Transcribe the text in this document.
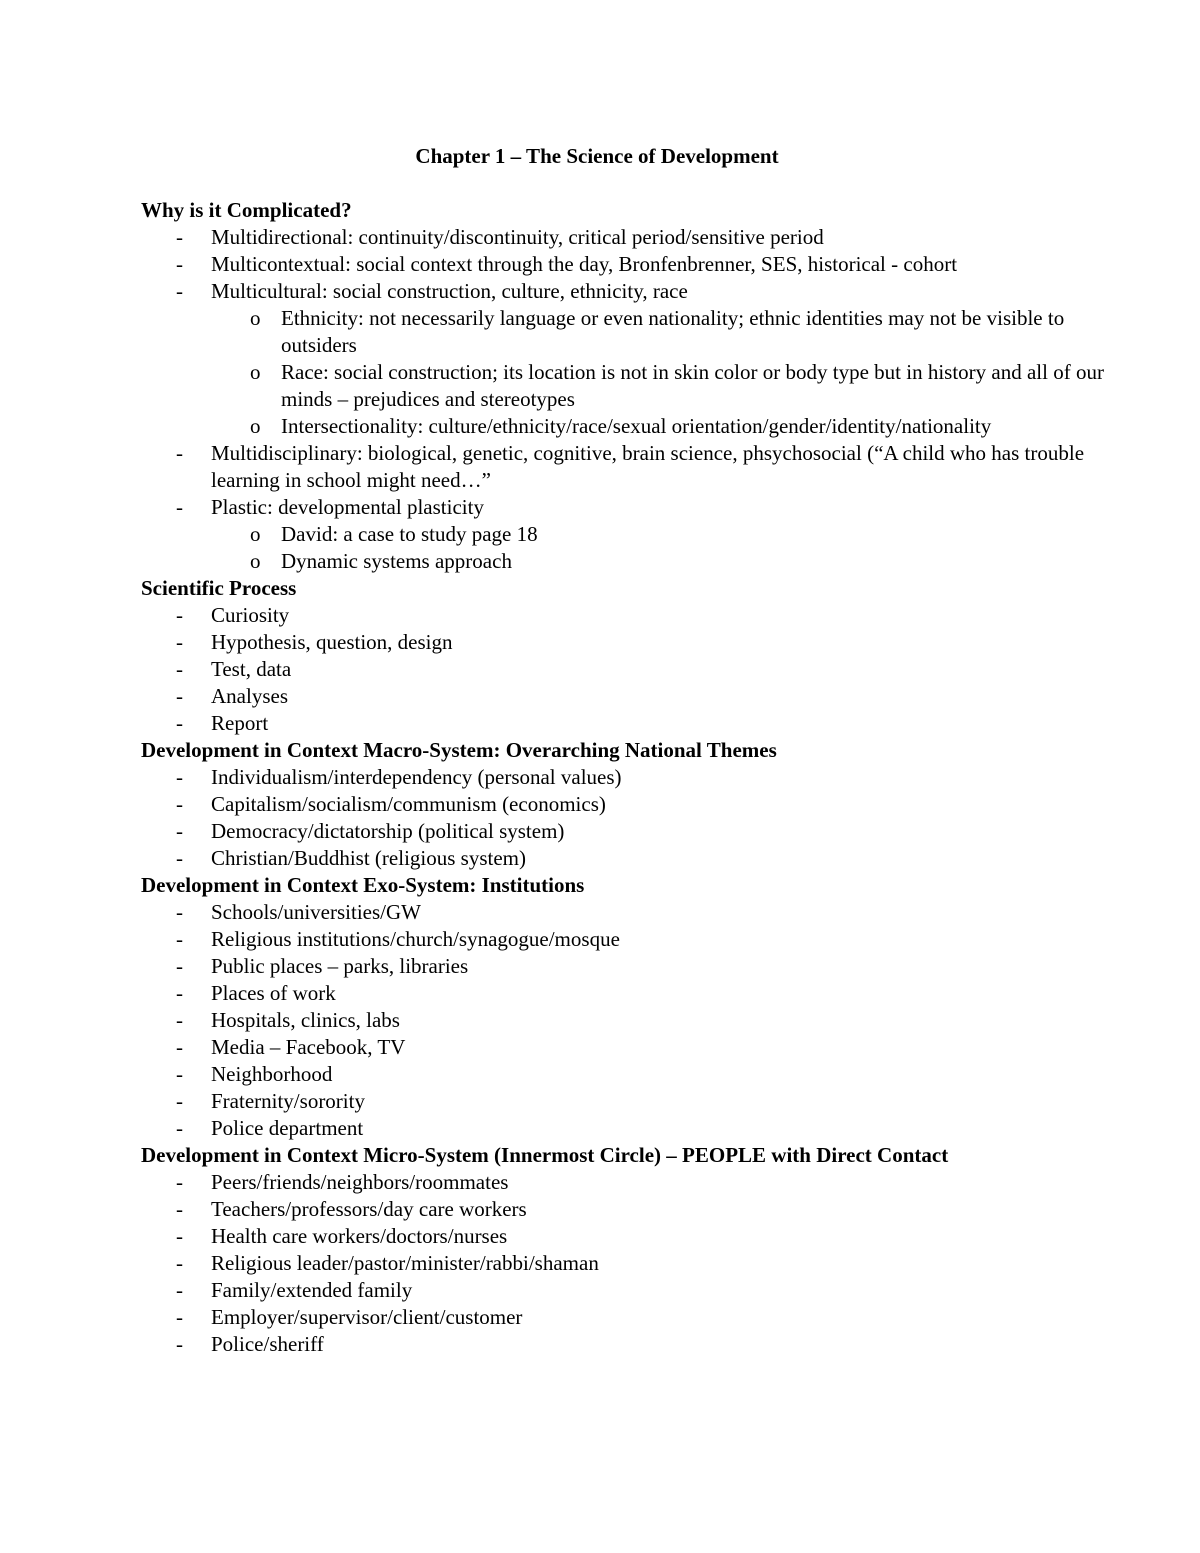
Chapter 1 – The Science of Development
Why is it Complicated?
- Multidirectional: continuity/discontinuity, critical period/sensitive period
- Multicontextual: social context through the day, Bronfenbrenner, SES, historical - cohort
- Multicultural: social construction, culture, ethnicity, race
o Ethnicity: not necessarily language or even nationality; ethnic identities may not be visible to outsiders
o Race: social construction; its location is not in skin color or body type but in history and all of our minds – prejudices and stereotypes
o Intersectionality: culture/ethnicity/race/sexual orientation/gender/identity/nationality
- Multidisciplinary: biological, genetic, cognitive, brain science, phsychosocial (“A child who has trouble learning in school might need…”
- Plastic: developmental plasticity
o David: a case to study page 18
o Dynamic systems approach
Scientific Process
- Curiosity
- Hypothesis, question, design
- Test, data
- Analyses
- Report
Development in Context Macro-System: Overarching National Themes
- Individualism/interdependency (personal values)
- Capitalism/socialism/communism (economics)
- Democracy/dictatorship (political system)
- Christian/Buddhist (religious system)
Development in Context Exo-System: Institutions
- Schools/universities/GW
- Religious institutions/church/synagogue/mosque
- Public places – parks, libraries
- Places of work
- Hospitals, clinics, labs
- Media – Facebook, TV
- Neighborhood
- Fraternity/sorority
- Police department
Development in Context Micro-System (Innermost Circle) – PEOPLE with Direct Contact
- Peers/friends/neighbors/roommates
- Teachers/professors/day care workers
- Health care workers/doctors/nurses
- Religious leader/pastor/minister/rabbi/shaman
- Family/extended family
- Employer/supervisor/client/customer
- Police/sheriff
